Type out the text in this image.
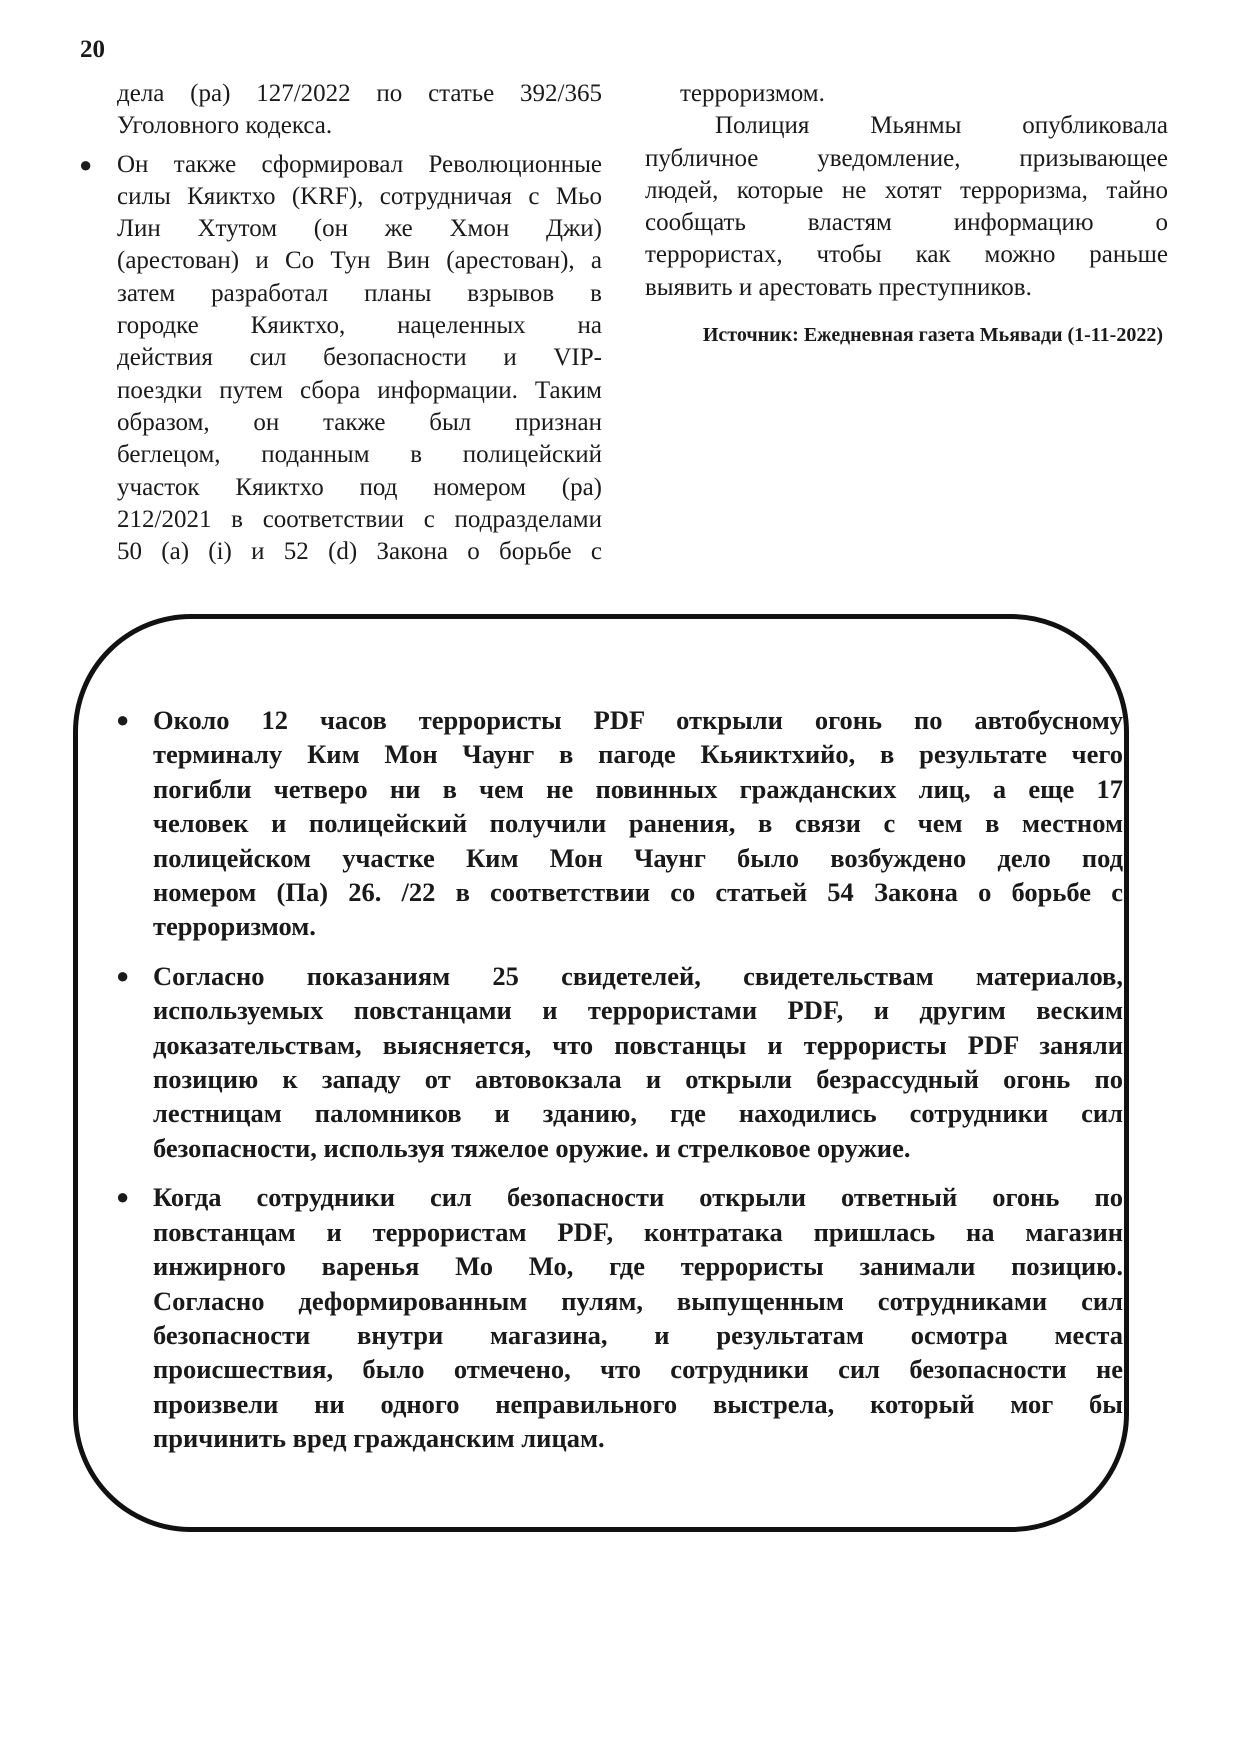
20
дела (ра) 127/2022 по статье 392/365
Уголовного кодекса.
● Он также сформировал Революционные
силы Кяиктхо (KRF), сотрудничая с Мьо
Лин Хтутом (он же Хмон Джи)
(арестован) и Со Тун Вин (арестован), а
затем разработал планы взрывов в
городке Кяиктхо, нацеленных на
действия сил безопасности и VIP-
поездки путем сбора информации. Таким
образом, он также был признан
беглецом, поданным в полицейский
участок Кяиктхо под номером (ра)
212/2021 в соответствии с подразделами
50 (а) (i) и 52 (d) Закона о борьбе с
терроризмом.
Полиция Мьянмы опубликовала
публичное уведомление, призывающее
людей, которые не хотят терроризма, тайно
сообщать властям информацию о
террористах, чтобы как можно раньше
выявить и арестовать преступников.
Источник: Ежедневная газета Мьявади (1-11-2022)
● Около 12 часов террористы PDF открыли огонь по автобусному
терминалу Ким Мон Чаунг в пагоде Кьяиктхийо, в результате чего
погибли четверо ни в чем не повинных гражданских лиц, а еще 17
человек и полицейский получили ранения, в связи с чем в местном
полицейском участке Ким Мон Чаунг было возбуждено дело под
номером (Па) 26. /22 в соответствии со статьей 54 Закона о борьбе с
терроризмом.
● Согласно показаниям 25 свидетелей, свидетельствам материалов,
используемых повстанцами и террористами PDF, и другим веским
доказательствам, выясняется, что повстанцы и террористы PDF заняли
позицию к западу от автовокзала и открыли безрассудный огонь по
лестницам паломников и зданию, где находились сотрудники сил
безопасности, используя тяжелое оружие. и стрелковое оружие.
● Когда сотрудники сил безопасности открыли ответный огонь по
повстанцам и террористам PDF, контратака пришлась на магазин
инжирного варенья Мо Мо, где террористы занимали позицию.
Согласно деформированным пулям, выпущенным сотрудниками сил
безопасности внутри магазина, и результатам осмотра места
происшествия, было отмечено, что сотрудники сил безопасности не
произвели ни одного неправильного выстрела, который мог бы
причинить вред гражданским лицам.
